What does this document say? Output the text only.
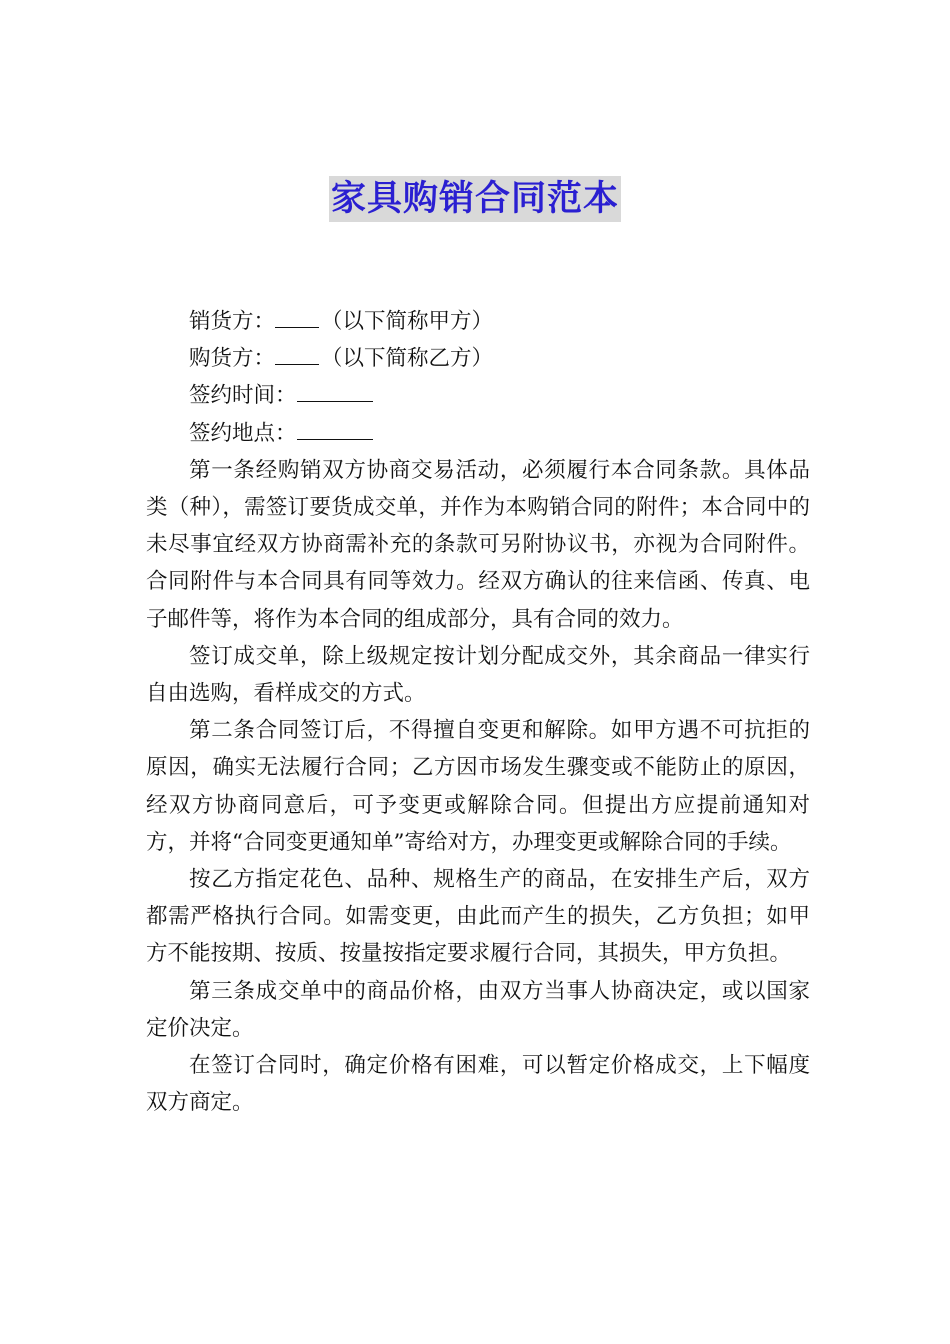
家具购销合同范本

销货方： （以下简称甲方）

购货方： （以下简称乙方）

签约时间：

签约地点：

第一条经购销双方协商交易活动，必须履行本合同条款。具体品类（种），需签订要货成交单，并作为本购销合同的附件；本合同中的未尽事宜经双方协商需补充的条款可另附协议书，亦视为合同附件。合同附件与本合同具有同等效力。经双方确认的往来信函、传真、电子邮件等，将作为本合同的组成部分，具有合同的效力。

签订成交单，除上级规定按计划分配成交外，其余商品一律实行自由选购，看样成交的方式。

第二条合同签订后，不得擅自变更和解除。如甲方遇不可抗拒的原因，确实无法履行合同；乙方因市场发生骤变或不能防止的原因，经双方协商同意后，可予变更或解除合同。但提出方应提前通知对方，并将“合同变更通知单”寄给对方，办理变更或解除合同的手续。

按乙方指定花色、品种、规格生产的商品，在安排生产后，双方都需严格执行合同。如需变更，由此而产生的损失，乙方负担；如甲方不能按期、按质、按量按指定要求履行合同，其损失，甲方负担。

第三条成交单中的商品价格，由双方当事人协商决定，或以国家定价决定。

在签订合同时，确定价格有困难，可以暂定价格成交，上下幅度双方商定。
